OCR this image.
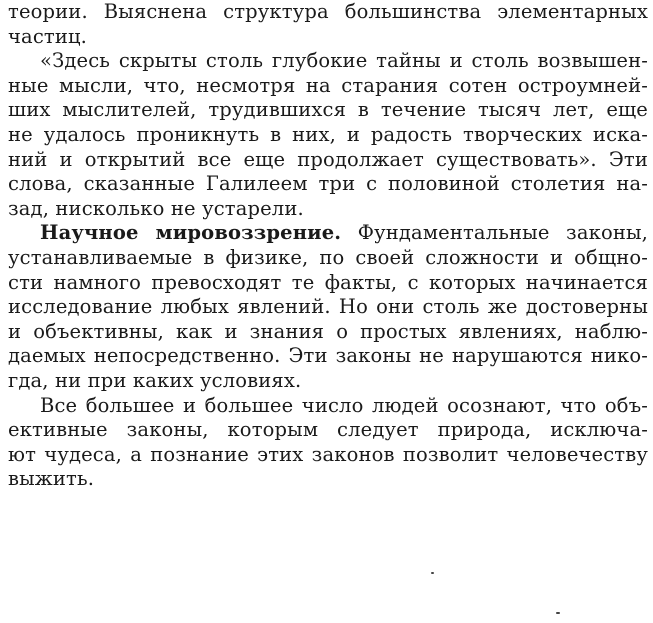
теории. Выяснена структура большинства элементарных
частиц.

«Здесь скрыты столь глубокие тайны и столь возвышен-
ные мысли, что, несмотря на старания сотен остроумней-
ших мыслителей, трудившихся в течение тысяч лет, еще
не удалось проникнуть в них, и радость творческих иска-
ний и открытий все еще продолжает существовать». Эти
слова, сказанные Галилеем три с половиной столетия на-
зад, нисколько не устарели.

Научное мировоззрение. Фундаментальные законы,
устанавливаемые в физике, по своей сложности и общно-
сти намного превосходят те факты, с которых начинается
исследование любых явлений. Но они столь же достоверны
и объективны, как и знания о простых явлениях, наблю-
даемых непосредственно. Эти законы не нарушаются нико-
гда, ни при каких условиях.

Все большее и большее число людей осознают, что объ-
ективные законы, которым следует природа, исключа-
ют чудеса, а познание этих законов позволит человечеству
выжить.
